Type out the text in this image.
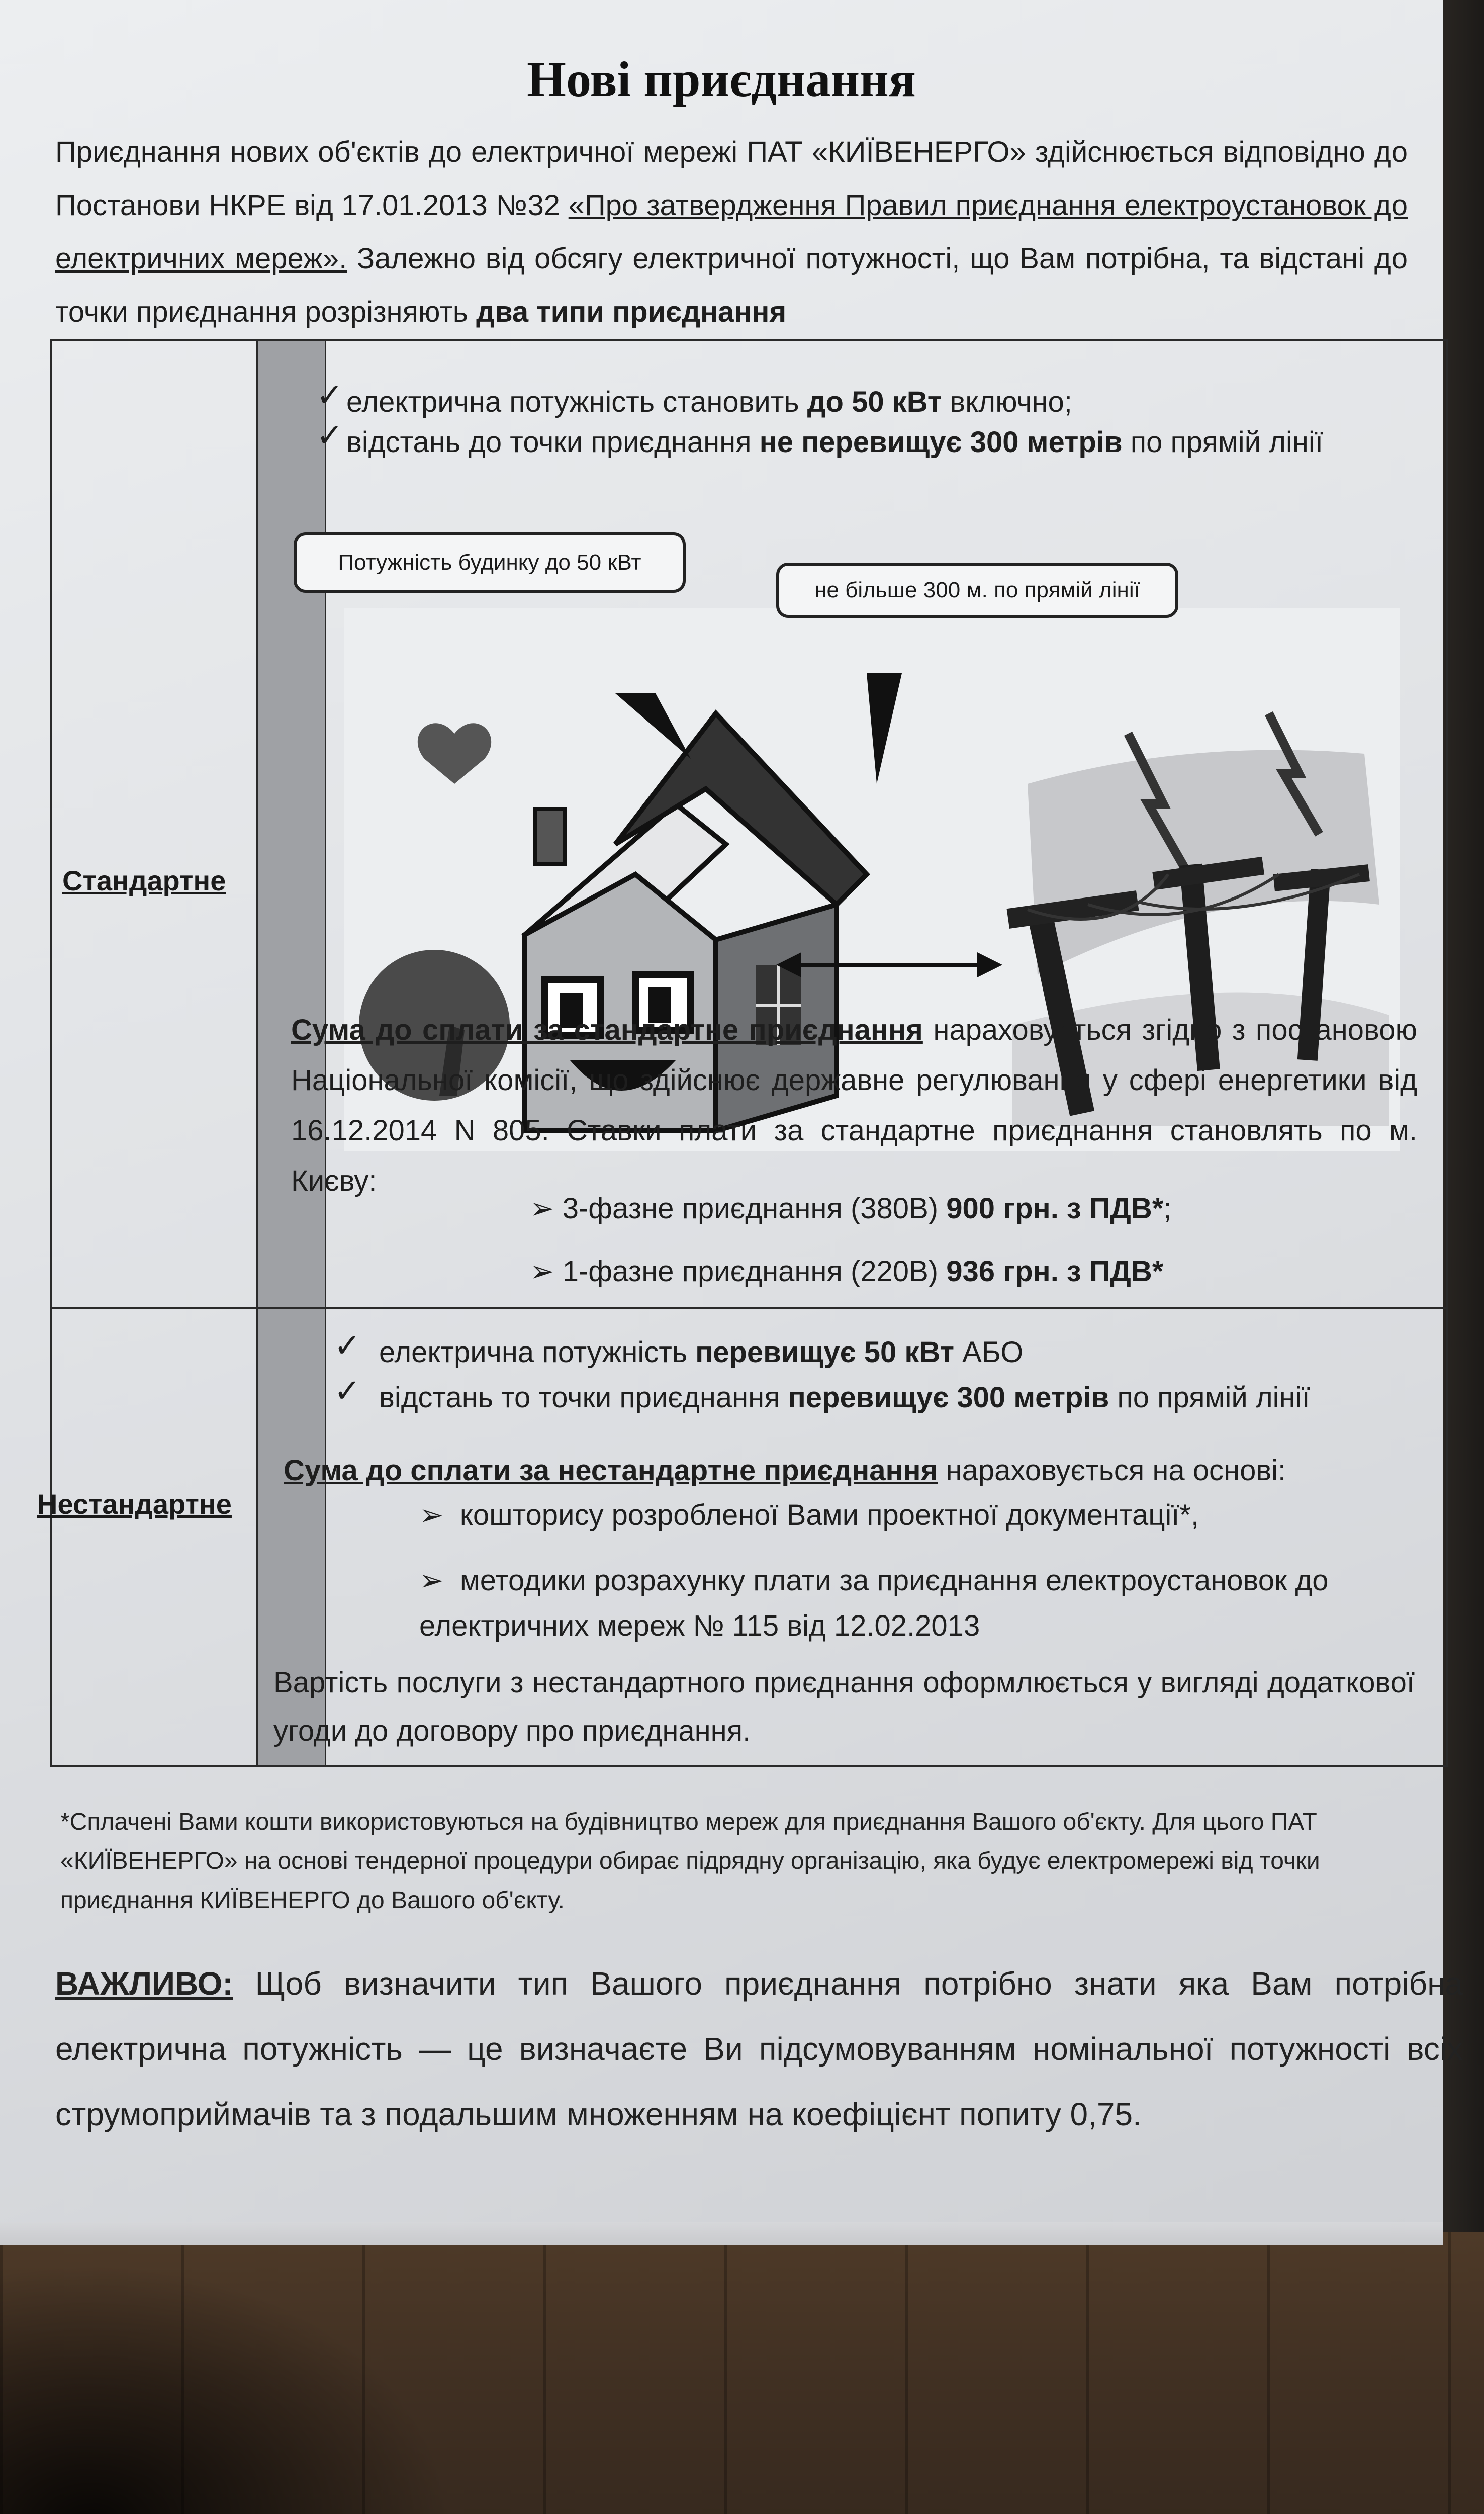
Нові приєднання
Приєднання нових об'єктів до електричної мережі ПАТ «КИЇВЕНЕРГО» здійснюється відповідно до Постанови НКРЕ від 17.01.2013 №32 «Про затвердження Правил приєднання електроустановок до електричних мереж». Залежно від обсягу електричної потужності, що Вам потрібна, та відстані до точки приєднання розрізняють два типи приєднання
Стандартне
✓ електрична потужність становить до 50 кВт включно;
✓ відстань до точки приєднання не перевищує 300 метрів по прямій лінії
Потужність будинку до 50 кВт
не більше 300 м. по прямій лінії
Сума до сплати за стандартне приєднання нараховується згідно з постановою Національної комісії, що здійснює державне регулювання у сфері енергетики від 16.12.2014 N 805. Ставки плати за стандартне приєднання становлять по м. Києву:
➢ 3-фазне приєднання (380В) 900 грн. з ПДВ*;
➢ 1-фазне приєднання (220В) 936 грн. з ПДВ*
Нестандартне
✓ електрична потужність перевищує 50 кВт АБО
✓ відстань то точки приєднання перевищує 300 метрів по прямій лінії
Сума до сплати за нестандартне приєднання нараховується на основі:
➢  кошторису розробленої Вами проектної документації*,
➢  методики розрахунку плати за приєднання електроустановок до електричних мереж № 115 від 12.02.2013
Вартість послуги з нестандартного приєднання оформлюється у вигляді додаткової угоди до договору про приєднання.
*Сплачені Вами кошти використовуються на будівництво мереж для приєднання Вашого об'єкту. Для цього ПАТ «КИЇВЕНЕРГО» на основі тендерної процедури обирає підрядну організацію, яка будує електромережі від точки приєднання КИЇВЕНЕРГО до Вашого об'єкту.
ВАЖЛИВО: Щоб визначити тип Вашого приєднання потрібно знати яка Вам потрібна електрична потужність — це визначаєте Ви підсумовуванням номінальної потужності всіх струмоприймачів та з подальшим множенням на коефіцієнт попиту 0,75.
